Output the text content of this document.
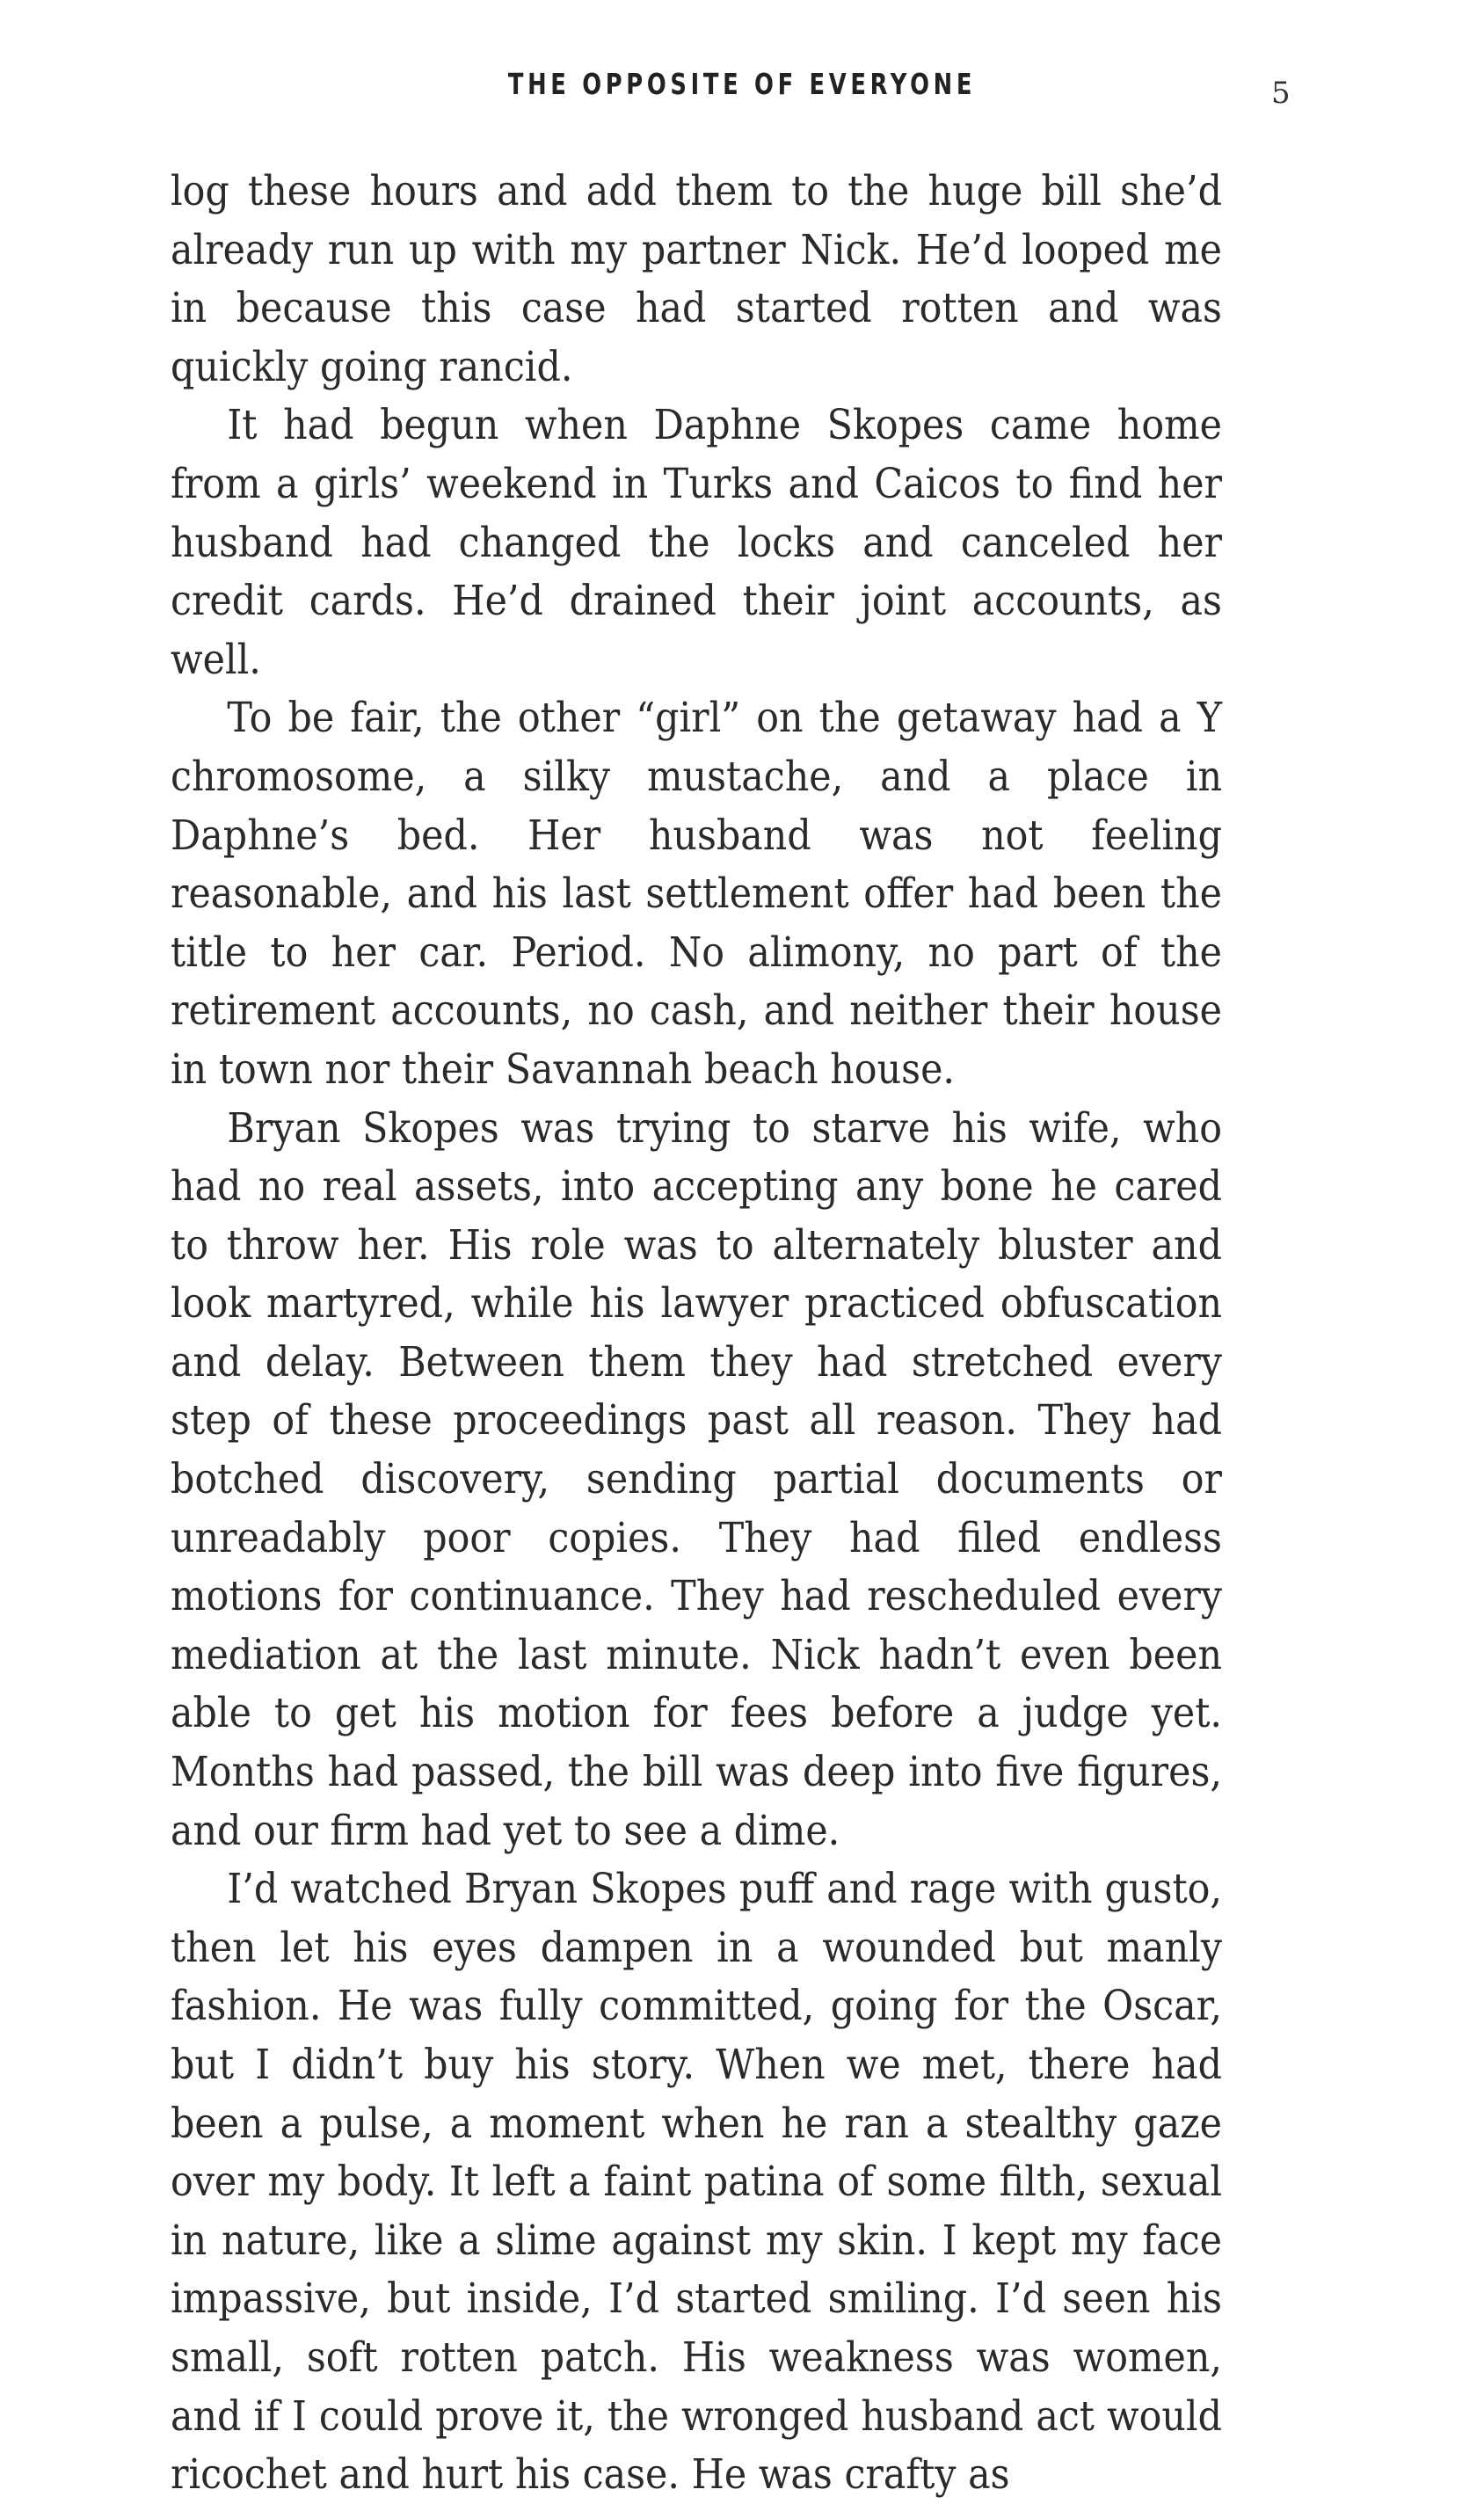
THE OPPOSITE OF EVERYONE	5

log these hours and add them to the huge bill she’d already run up with my partner Nick. He’d looped me in because this case had started rotten and was quickly going rancid.

It had begun when Daphne Skopes came home from a girls’ weekend in Turks and Caicos to find her husband had changed the locks and canceled her credit cards. He’d drained their joint accounts, as well.

To be fair, the other “girl” on the getaway had a Y chromosome, a silky mustache, and a place in Daphne’s bed. Her husband was not feeling reasonable, and his last settlement offer had been the title to her car. Period. No alimony, no part of the retirement accounts, no cash, and neither their house in town nor their Savannah beach house.

Bryan Skopes was trying to starve his wife, who had no real assets, into accepting any bone he cared to throw her. His role was to alternately bluster and look martyred, while his lawyer practiced obfuscation and delay. Between them they had stretched every step of these proceedings past all reason. They had botched discovery, sending partial documents or unreadably poor copies. They had filed endless motions for continuance. They had rescheduled every mediation at the last minute. Nick hadn’t even been able to get his motion for fees before a judge yet. Months had passed, the bill was deep into five figures, and our firm had yet to see a dime.

I’d watched Bryan Skopes puff and rage with gusto, then let his eyes dampen in a wounded but manly fashion. He was fully committed, going for the Oscar, but I didn’t buy his story. When we met, there had been a pulse, a moment when he ran a stealthy gaze over my body. It left a faint patina of some filth, sexual in nature, like a slime against my skin. I kept my face impassive, but inside, I’d started smiling. I’d seen his small, soft rotten patch. His weakness was women, and if I could prove it, the wronged husband act would ricochet and hurt his case. He was crafty as
